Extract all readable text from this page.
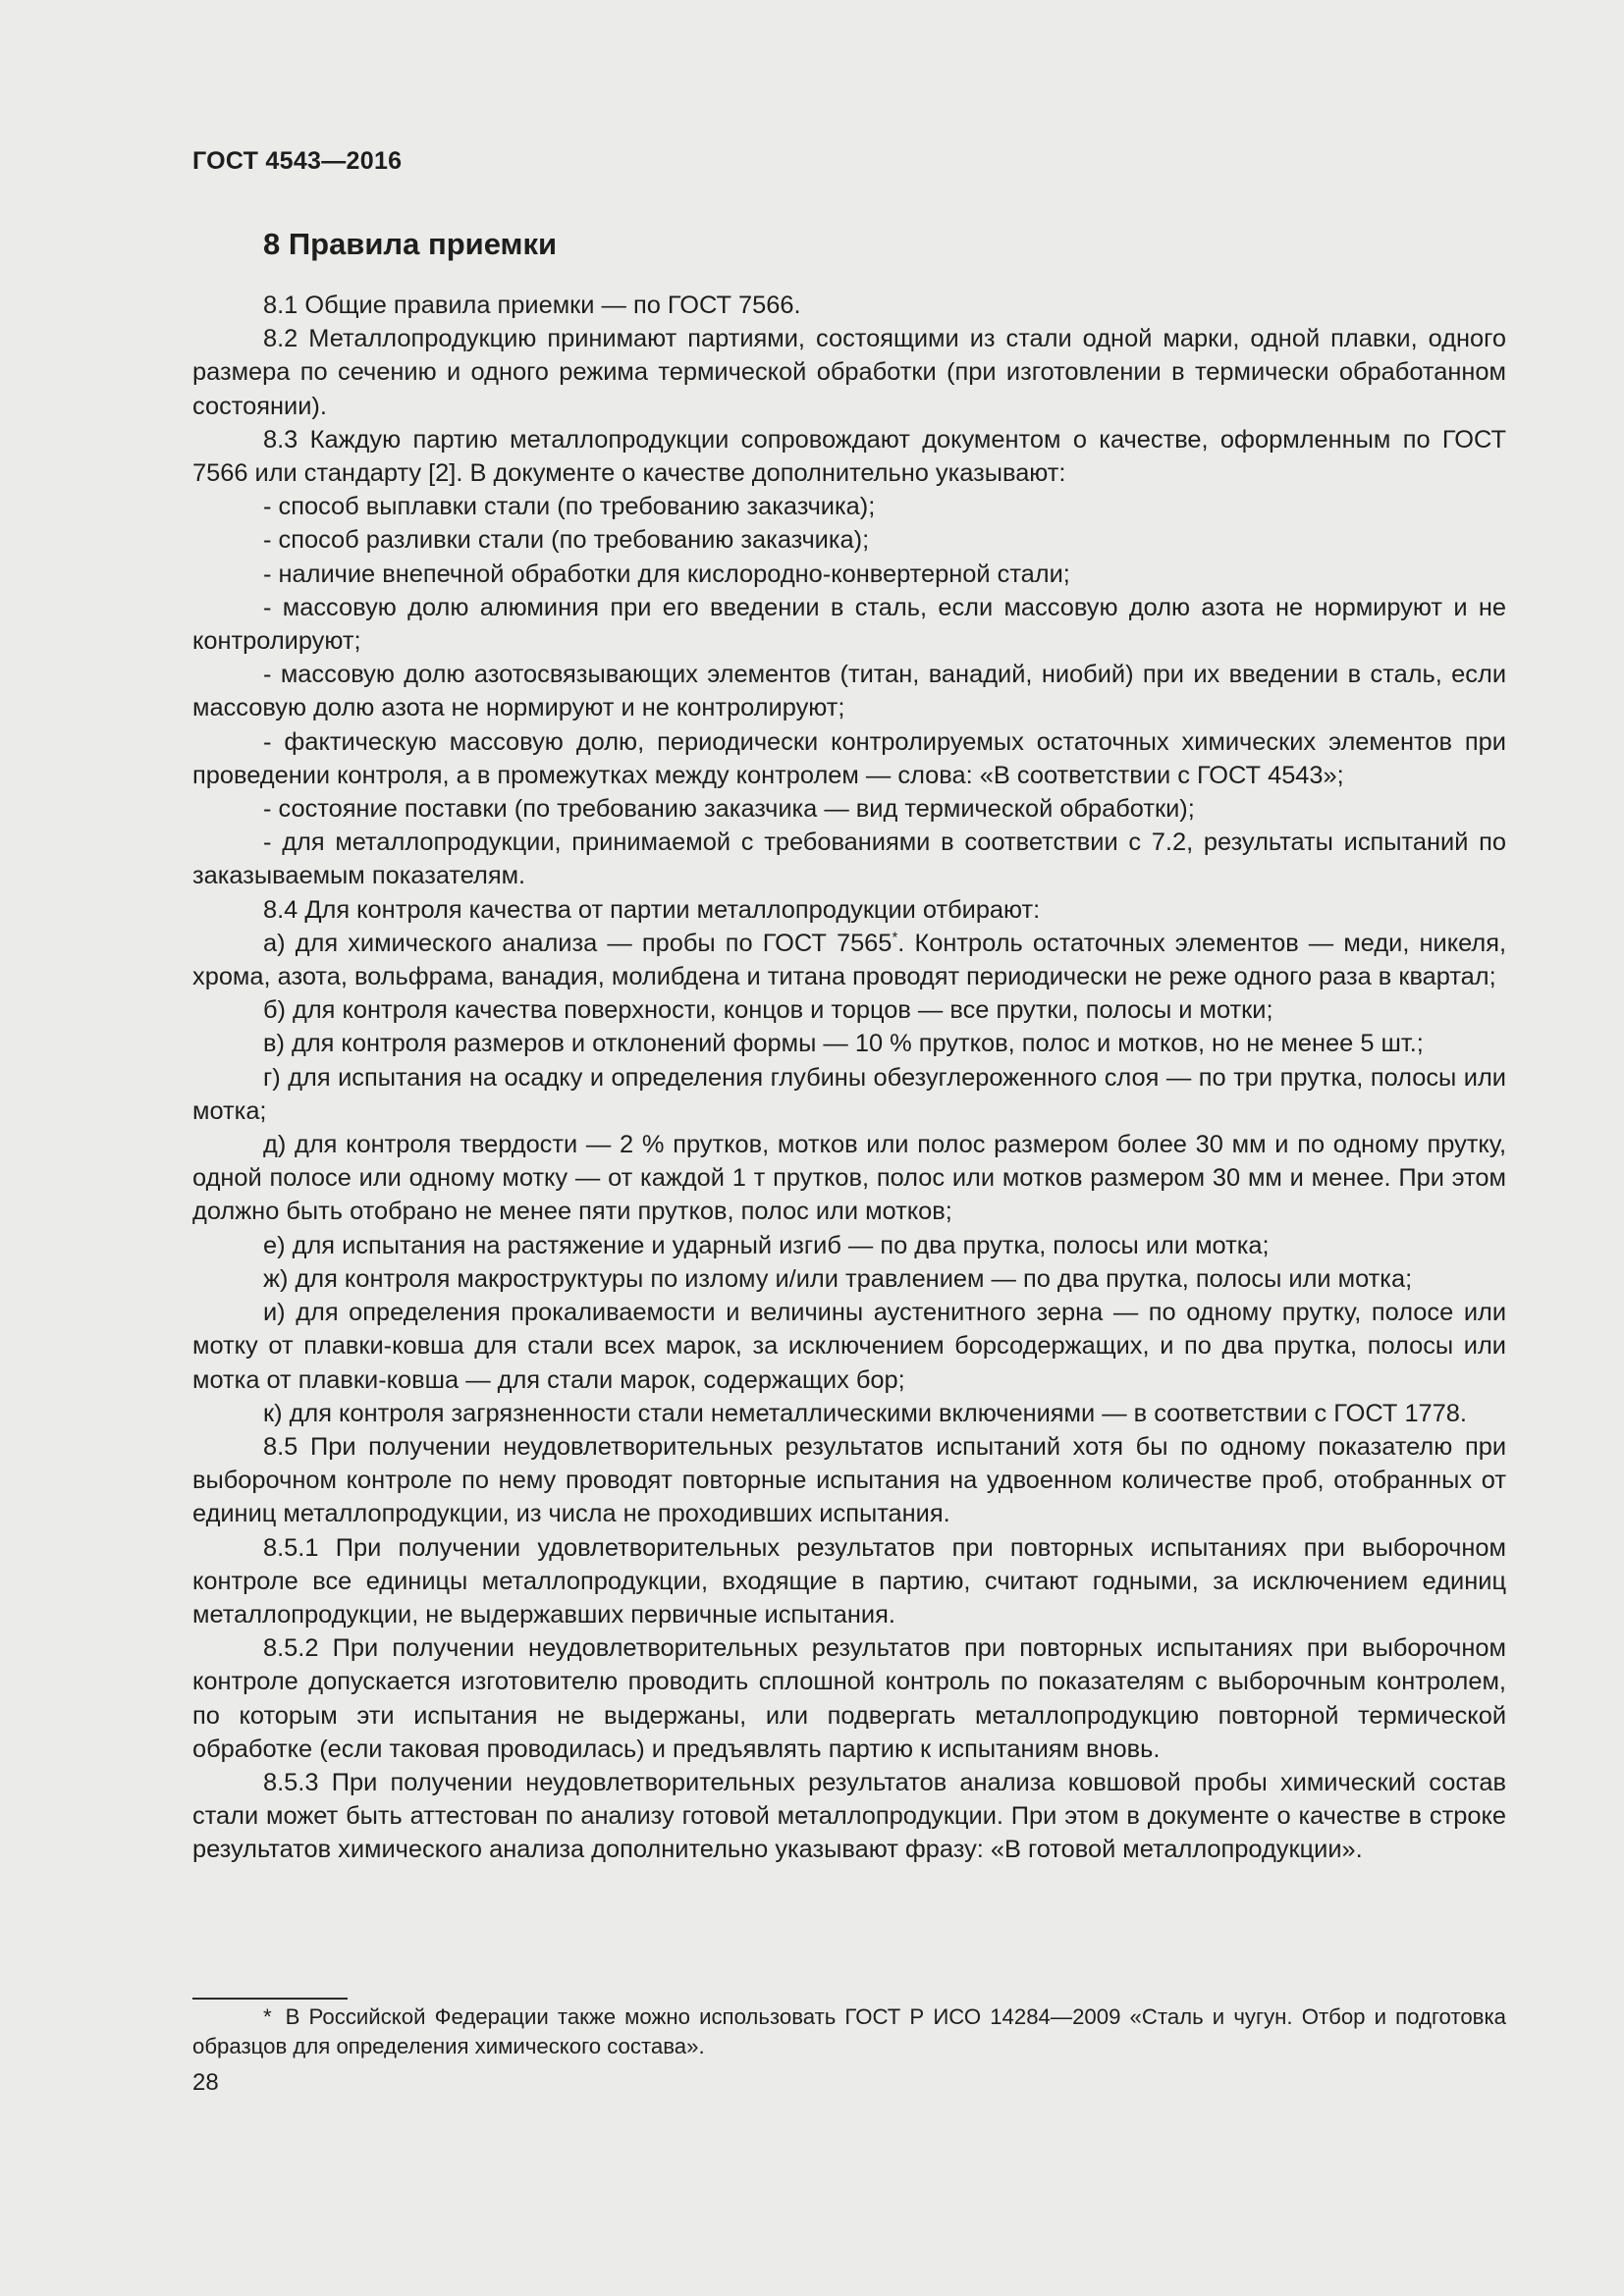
ГОСТ 4543—2016
8 Правила приемки

8.1 Общие правила приемки — по ГОСТ 7566.

8.2 Металлопродукцию принимают партиями, состоящими из стали одной марки, одной плавки, одного размера по сечению и одного режима термической обработки (при изготовлении в термически обработанном состоянии).

8.3 Каждую партию металлопродукции сопровождают документом о качестве, оформленным по ГОСТ 7566 или стандарту [2]. В документе о качестве дополнительно указывают:

- способ выплавки стали (по требованию заказчика);

- способ разливки стали (по требованию заказчика);

- наличие внепечной обработки для кислородно-конвертерной стали;

- массовую долю алюминия при его введении в сталь, если массовую долю азота не нормируют и не контролируют;

- массовую долю азотосвязывающих элементов (титан, ванадий, ниобий) при их введении в сталь, если массовую долю азота не нормируют и не контролируют;

- фактическую массовую долю, периодически контролируемых остаточных химических элементов при проведении контроля, а в промежутках между контролем — слова: «В соответствии с ГОСТ 4543»;

- состояние поставки (по требованию заказчика — вид термической обработки);

- для металлопродукции, принимаемой с требованиями в соответствии с 7.2, результаты испытаний по заказываемым показателям.

8.4 Для контроля качества от партии металлопродукции отбирают:

а) для химического анализа — пробы по ГОСТ 7565*. Контроль остаточных элементов — меди, никеля, хрома, азота, вольфрама, ванадия, молибдена и титана проводят периодически не реже одного раза в квартал;

б) для контроля качества поверхности, концов и торцов — все прутки, полосы и мотки;

в) для контроля размеров и отклонений формы — 10 % прутков, полос и мотков, но не менее 5 шт.;

г) для испытания на осадку и определения глубины обезуглероженного слоя — по три прутка, полосы или мотка;

д) для контроля твердости — 2 % прутков, мотков или полос размером более 30 мм и по одному прутку, одной полосе или одному мотку — от каждой 1 т прутков, полос или мотков размером 30 мм и менее. При этом должно быть отобрано не менее пяти прутков, полос или мотков;

е) для испытания на растяжение и ударный изгиб — по два прутка, полосы или мотка;

ж) для контроля макроструктуры по излому и/или травлением — по два прутка, полосы или мотка;

и) для определения прокаливаемости и величины аустенитного зерна — по одному прутку, полосе или мотку от плавки-ковша для стали всех марок, за исключением борсодержащих, и по два прутка, полосы или мотка от плавки-ковша — для стали марок, содержащих бор;

к) для контроля загрязненности стали неметаллическими включениями — в соответствии с ГОСТ 1778.

8.5 При получении неудовлетворительных результатов испытаний хотя бы по одному показателю при выборочном контроле по нему проводят повторные испытания на удвоенном количестве проб, отобранных от единиц металлопродукции, из числа не проходивших испытания.

8.5.1 При получении удовлетворительных результатов при повторных испытаниях при выборочном контроле все единицы металлопродукции, входящие в партию, считают годными, за исключением единиц металлопродукции, не выдержавших первичные испытания.

8.5.2 При получении неудовлетворительных результатов при повторных испытаниях при выборочном контроле допускается изготовителю проводить сплошной контроль по показателям с выборочным контролем, по которым эти испытания не выдержаны, или подвергать металлопродукцию повторной термической обработке (если таковая проводилась) и предъявлять партию к испытаниям вновь.

8.5.3 При получении неудовлетворительных результатов анализа ковшовой пробы химический состав стали может быть аттестован по анализу готовой металлопродукции. При этом в документе о качестве в строке результатов химического анализа дополнительно указывают фразу: «В готовой металлопродукции».

* В Российской Федерации также можно использовать ГОСТ Р ИСО 14284—2009 «Сталь и чугун. Отбор и подготовка образцов для определения химического состава».

28
